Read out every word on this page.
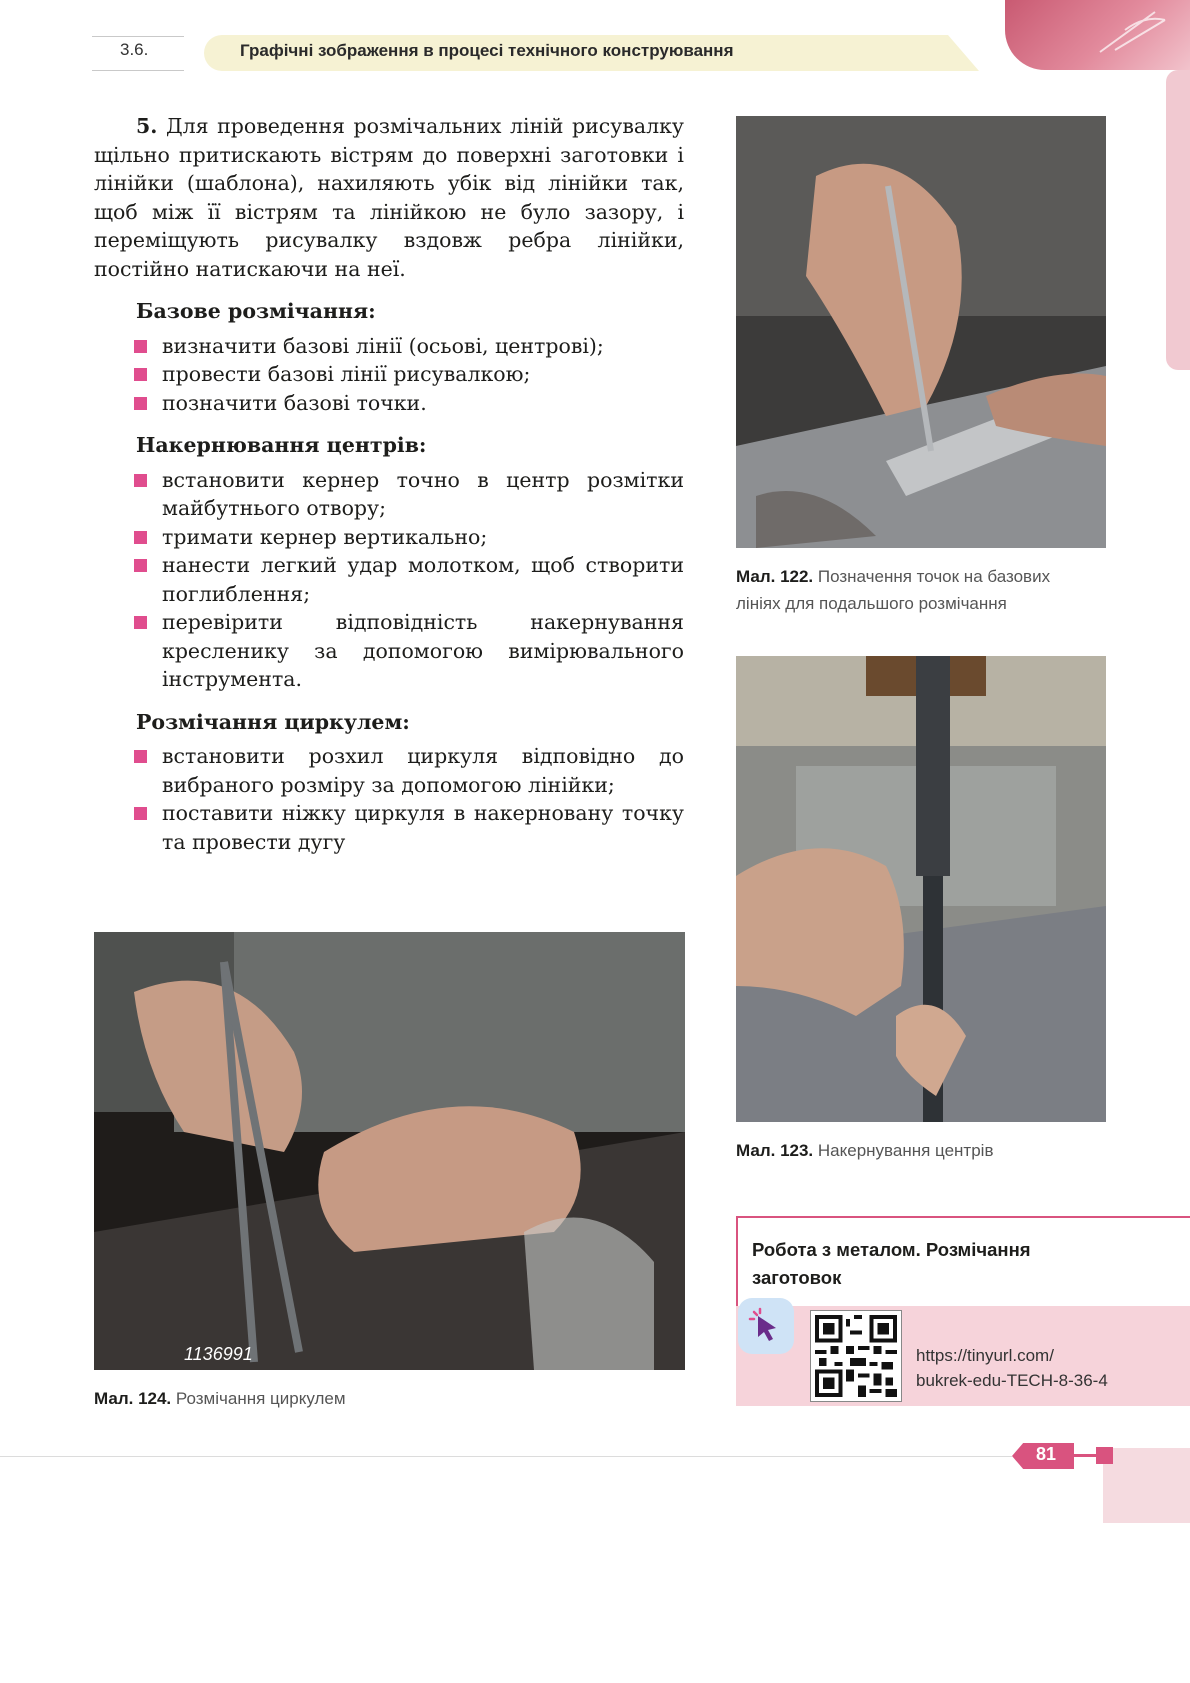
3.6.	Графічні зображення в процесі технічного конструювання

5. Для проведення розмічальних ліній рисувалку щільно притискають вістрям до поверхні заготовки і лінійки (шаблона), нахиляють убік від лінійки так, щоб між її вістрям та лінійкою не було зазору, і переміщують рисувалку вздовж ребра лінійки, постійно натискаючи на неї.

Базове розмічання:
визначити базові лінії (осьові, центрові);
провести базові лінії рисувалкою;
позначити базові точки.
Накернювання центрів:
встановити кернер точно в центр розмітки майбутнього отвору;
тримати кернер вертикально;
нанести легкий удар молотком, щоб створити поглиблення;
перевірити відповідність накернування кресленику за допомогою вимірювального інструмента.
Розмічання циркулем:
встановити розхил циркуля відповідно до вибраного розміру за допомогою лінійки;
поставити ніжку циркуля в накерновану точку та провести дугу
Мал. 122. Позначення точок на базових лініях для подальшого розмічання
Мал. 123. Накернування центрів
1136991
Мал. 124. Розмічання циркулем
Робота з металом. Розмічання заготовок
https://tinyurl.com/
bukrek-edu-TECH-8-36-4
81
